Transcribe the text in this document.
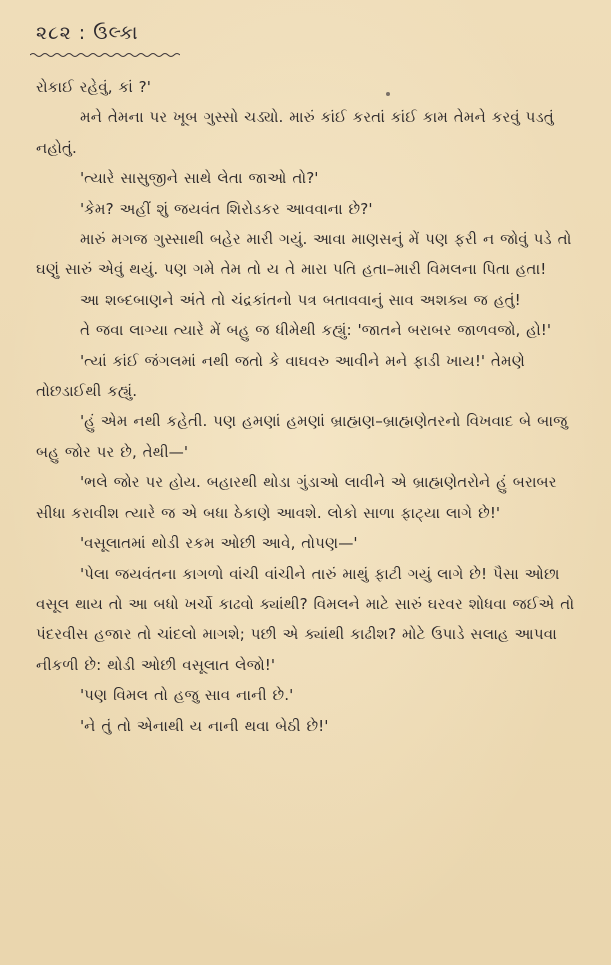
૨૮૨ : ઉલ્કા

રોકાઈ રહેવું, કાં ?'

મને તેમના પર ખૂબ ગુસ્સો ચડ્યો. મારું કાંઈ કરતાં કાંઈ કામ તેમને કરવું પડતું નહોતું.

'ત્યારે સાસુજીને સાથે લેતા જાઓ તો?'

'કેમ? અહીં શું જયવંત શિરોડકર આવવાના છે?'

મારું મગજ ગુસ્સાથી બહેર મારી ગયું. આવા માણસનું મેં પણ ફરી ન જોવું પડે તો ઘણું સારું એવું થયું. પણ ગમે તેમ તો ય તે મારા પતિ હતા–મારી વિમલના પિતા હતા!

આ શબ્દબાણને અંતે તો ચંદ્રકાંતનો પત્ર બતાવવાનું સાવ અશક્ય જ હતું!

તે જવા લાગ્યા ત્યારે મેં બહુ જ ધીમેથી કહ્યું: 'જાતને બરાબર જાળવજો, હો!'

'ત્યાં કાંઈ જંગલમાં નથી જતો કે વાઘવરુ આવીને મને ફાડી ખાય!' તેમણે તોછડાઈથી કહ્યું.

'હું એમ નથી કહેતી. પણ હમણાં હમણાં બ્રાહ્મણ–બ્રાહ્મણેતરનો વિખવાદ બે બાજુ બહુ જોર પર છે, તેથી—'

'ભલે જોર પર હોય. બહારથી થોડા ગુંડાઓ લાવીને એ બ્રાહ્મણેતરોને હું બરાબર સીધા કરાવીશ ત્યારે જ એ બધા ઠેકાણે આવશે. લોકો સાળા ફાટ્યા લાગે છે!'

'વસૂલાતમાં થોડી રકમ ઓછી આવે, તોપણ—'

'પેલા જયવંતના કાગળો વાંચી વાંચીને તારું માથું ફાટી ગયું લાગે છે! પૈસા ઓછા વસૂલ થાય તો આ બધો ખર્ચો કાઢવો ક્યાંથી? વિમલને માટે સારું ઘરવર શોધવા જઈએ તો પંદરવીસ હજાર તો ચાંદલો માગશે; પછી એ ક્યાંથી કાઢીશ? મોટે ઉપાડે સલાહ આપવા નીકળી છે: થોડી ઓછી વસૂલાત લેજો!'

'પણ વિમલ તો હજુ સાવ નાની છે.'

'ને તું તો એનાથી ય નાની થવા બેઠી છે!'
